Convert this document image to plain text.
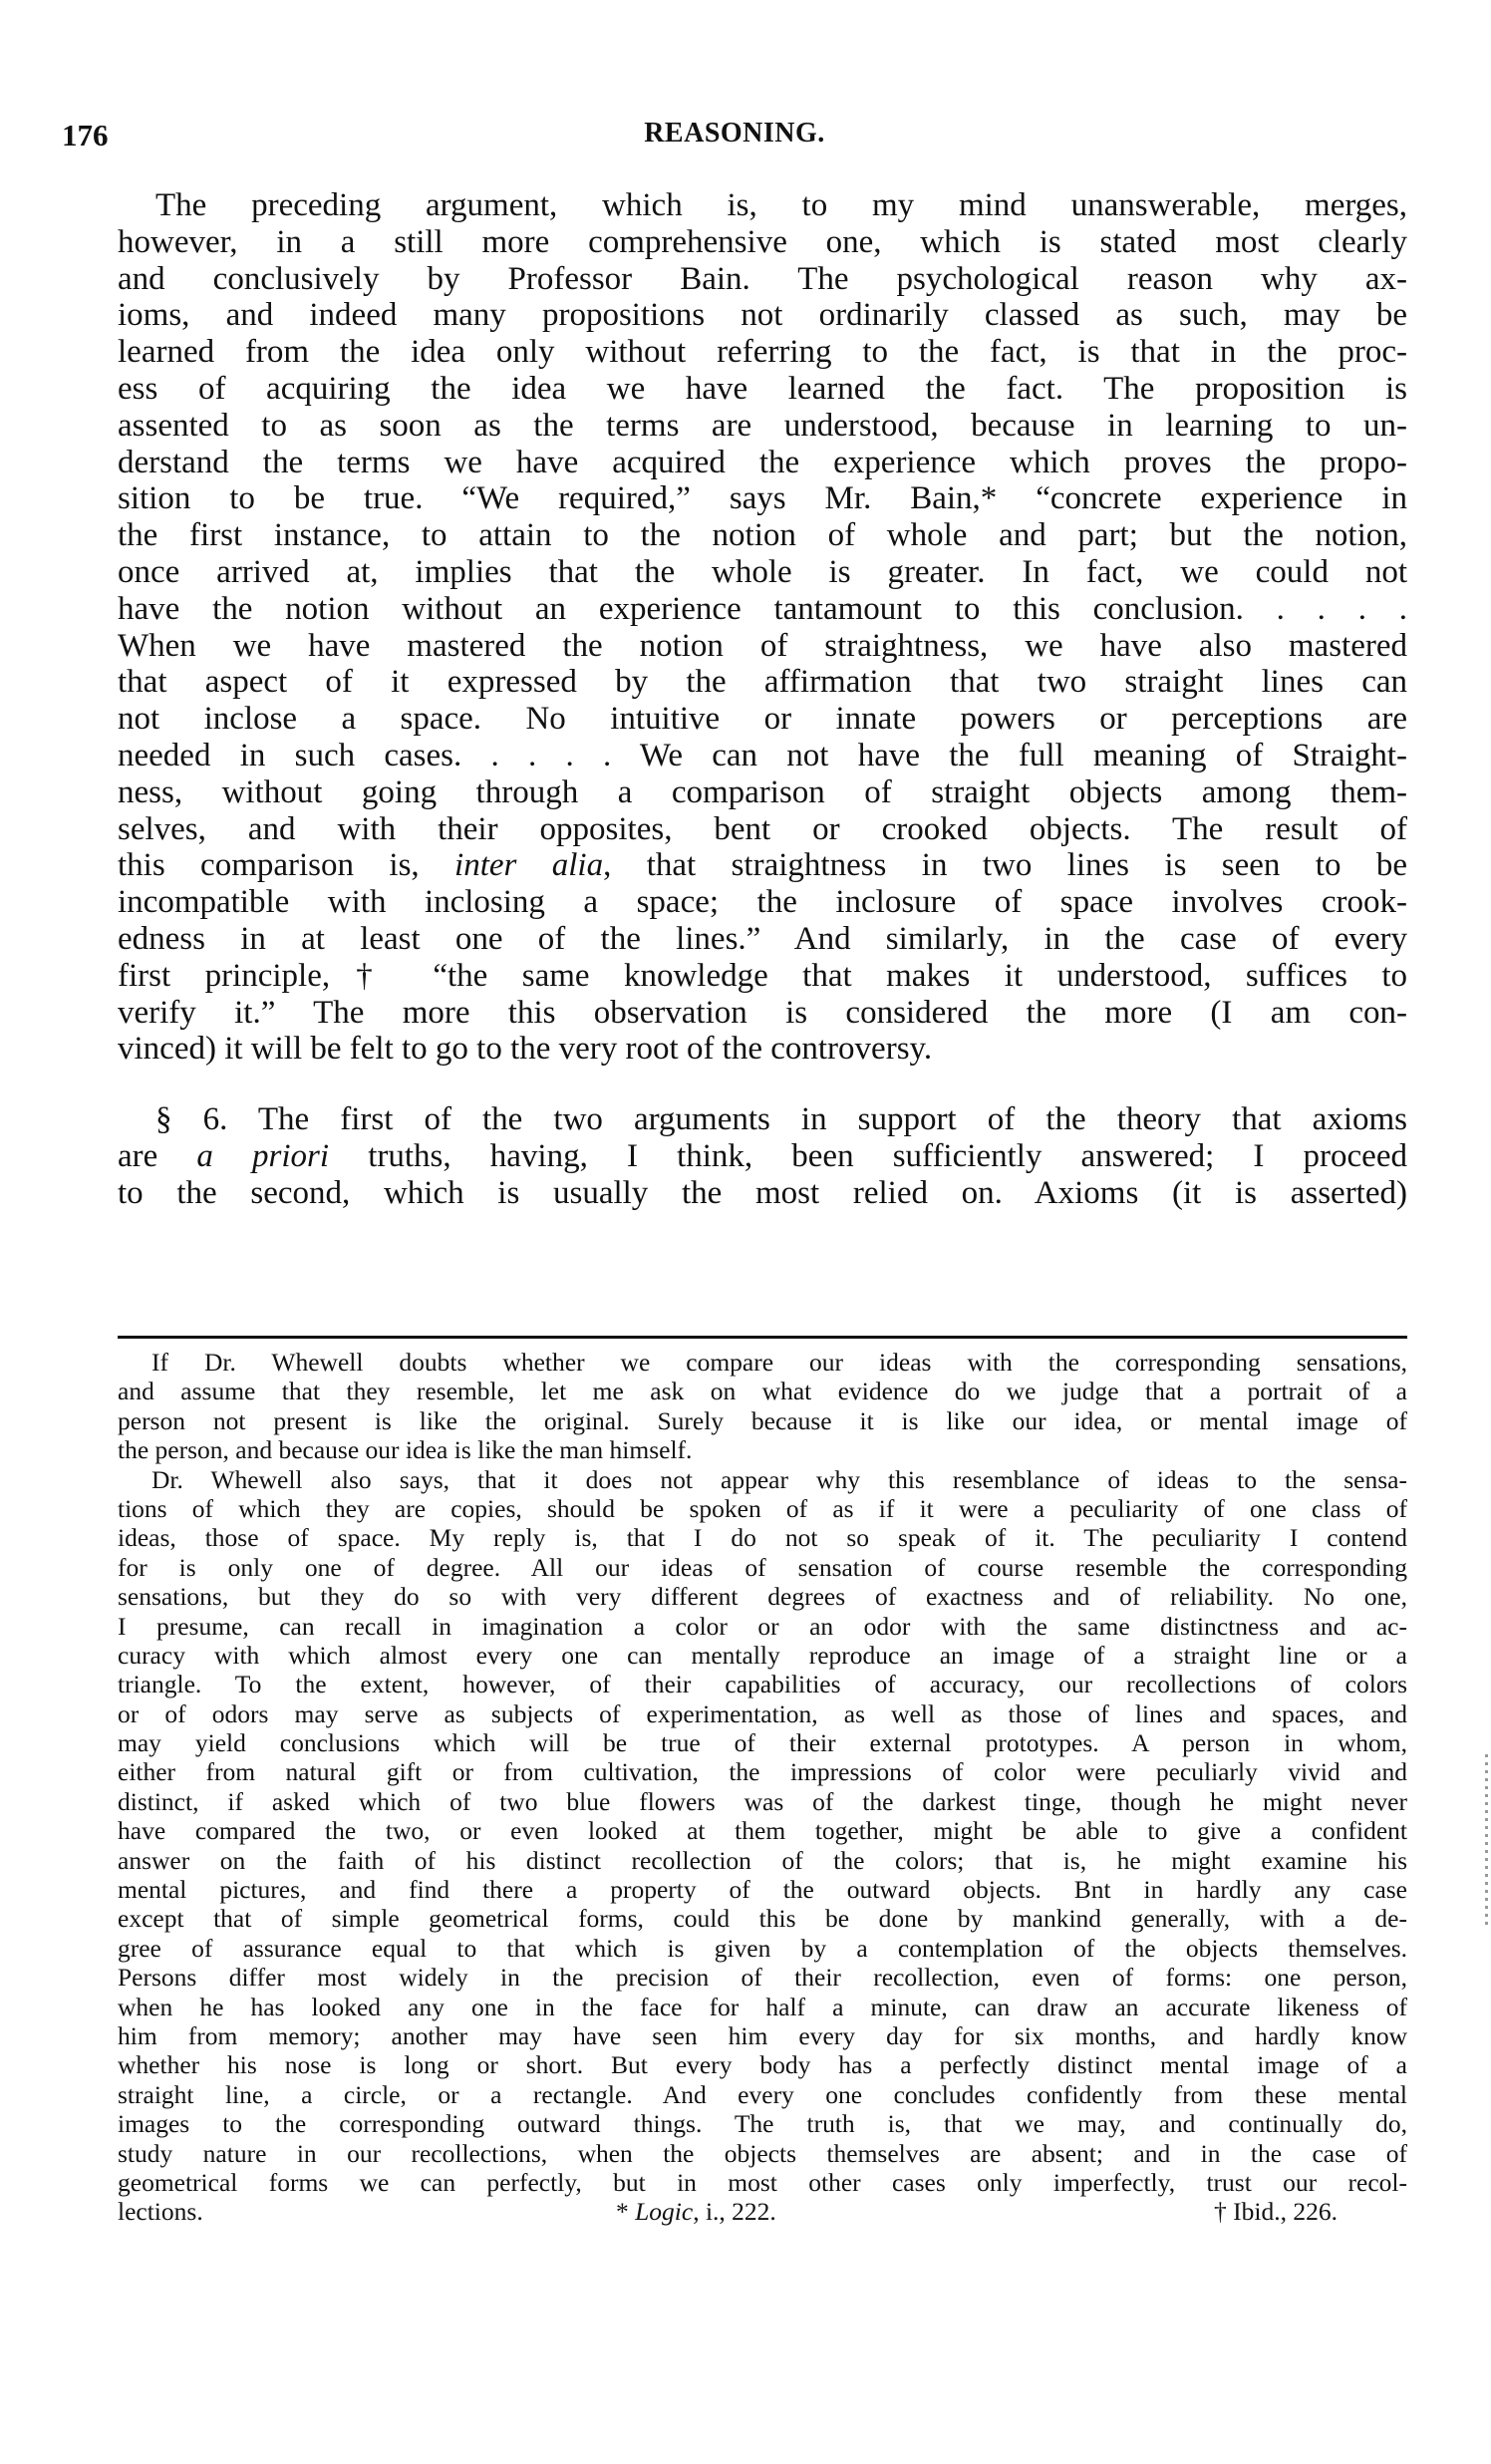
176	REASONING.
The preceding argument, which is, to my mind unanswerable, merges,
however, in a still more comprehensive one, which is stated most clearly
and conclusively by Professor Bain. The psychological reason why ax-
ioms, and indeed many propositions not ordinarily classed as such, may be
learned from the idea only without referring to the fact, is that in the proc-
ess of acquiring the idea we have learned the fact. The proposition is
assented to as soon as the terms are understood, because in learning to un-
derstand the terms we have acquired the experience which proves the propo-
sition to be true. “We required,” says Mr. Bain,* “concrete experience in
the first instance, to attain to the notion of whole and part; but the notion,
once arrived at, implies that the whole is greater. In fact, we could not
have the notion without an experience tantamount to this conclusion. . . . .
When we have mastered the notion of straightness, we have also mastered
that aspect of it expressed by the affirmation that two straight lines can
not inclose a space. No intuitive or innate powers or perceptions are
needed in such cases. . . . . We can not have the full meaning of Straight-
ness, without going through a comparison of straight objects among them-
selves, and with their opposites, bent or crooked objects. The result of
this comparison is, inter alia, that straightness in two lines is seen to be
incompatible with inclosing a space; the inclosure of space involves crook-
edness in at least one of the lines.” And similarly, in the case of every
first principle,† “the same knowledge that makes it understood, suffices to
verify it.” The more this observation is considered the more (I am con-
vinced) it will be felt to go to the very root of the controversy.
§ 6. The first of the two arguments in support of the theory that axioms
are a priori truths, having, I think, been sufficiently answered; I proceed
to the second, which is usually the most relied on. Axioms (it is asserted)
If Dr. Whewell doubts whether we compare our ideas with the corresponding sensations,
and assume that they resemble, let me ask on what evidence do we judge that a portrait of a
person not present is like the original. Surely because it is like our idea, or mental image of
the person, and because our idea is like the man himself.
Dr. Whewell also says, that it does not appear why this resemblance of ideas to the sensa-
tions of which they are copies, should be spoken of as if it were a peculiarity of one class of
ideas, those of space. My reply is, that I do not so speak of it. The peculiarity I contend
for is only one of degree. All our ideas of sensation of course resemble the corresponding
sensations, but they do so with very different degrees of exactness and of reliability. No one,
I presume, can recall in imagination a color or an odor with the same distinctness and ac-
curacy with which almost every one can mentally reproduce an image of a straight line or a
triangle. To the extent, however, of their capabilities of accuracy, our recollections of colors
or of odors may serve as subjects of experimentation, as well as those of lines and spaces, and
may yield conclusions which will be true of their external prototypes. A person in whom,
either from natural gift or from cultivation, the impressions of color were peculiarly vivid and
distinct, if asked which of two blue flowers was of the darkest tinge, though he might never
have compared the two, or even looked at them together, might be able to give a confident
answer on the faith of his distinct recollection of the colors; that is, he might examine his
mental pictures, and find there a property of the outward objects. Bnt in hardly any case
except that of simple geometrical forms, could this be done by mankind generally, with a de-
gree of assurance equal to that which is given by a contemplation of the objects themselves.
Persons differ most widely in the precision of their recollection, even of forms: one person,
when he has looked any one in the face for half a minute, can draw an accurate likeness of
him from memory; another may have seen him every day for six months, and hardly know
whether his nose is long or short. But every body has a perfectly distinct mental image of a
straight line, a circle, or a rectangle. And every one concludes confidently from these mental
images to the corresponding outward things. The truth is, that we may, and continually do,
study nature in our recollections, when the objects themselves are absent; and in the case of
geometrical forms we can perfectly, but in most other cases only imperfectly, trust our recol-
lections.	* Logic, i., 222.	† Ibid., 226.
